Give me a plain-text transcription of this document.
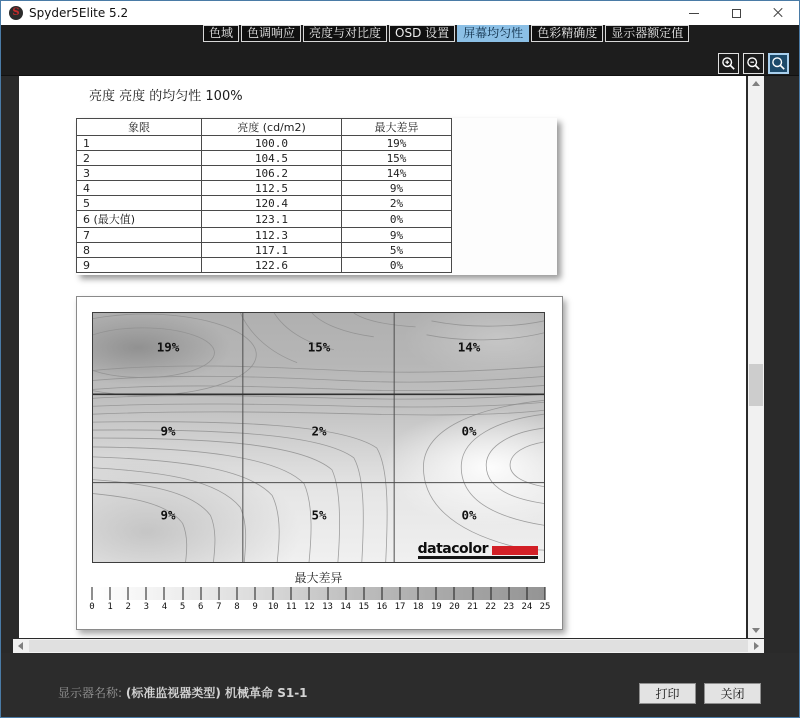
S Spyder5Elite 5.2
色域	色调响应	亮度与对比度	OSD 设置	屏幕均匀性	色彩精确度	显示器额定值
亮度 亮度 的均匀性 100%
象限	亮度 (cd/m2)	最大差异
1	100.0	19%
2	104.5	15%
3	106.2	14%
4	112.5	9%
5	120.4	2%
6 (最大值)	123.1	0%
7	112.3	9%
8	117.1	5%
9	122.6	0%
19%	15%	14%
9%	2%	0%
9%	5%	0%
datacolor
最大差异
0 1 2 3 4 5 6 7 8 9 10 11 12 13 14 15 16 17 18 19 20 21 22 23 24 25
显示器名称: (标准监视器类型) 机械革命 S1-1	打印	关闭
